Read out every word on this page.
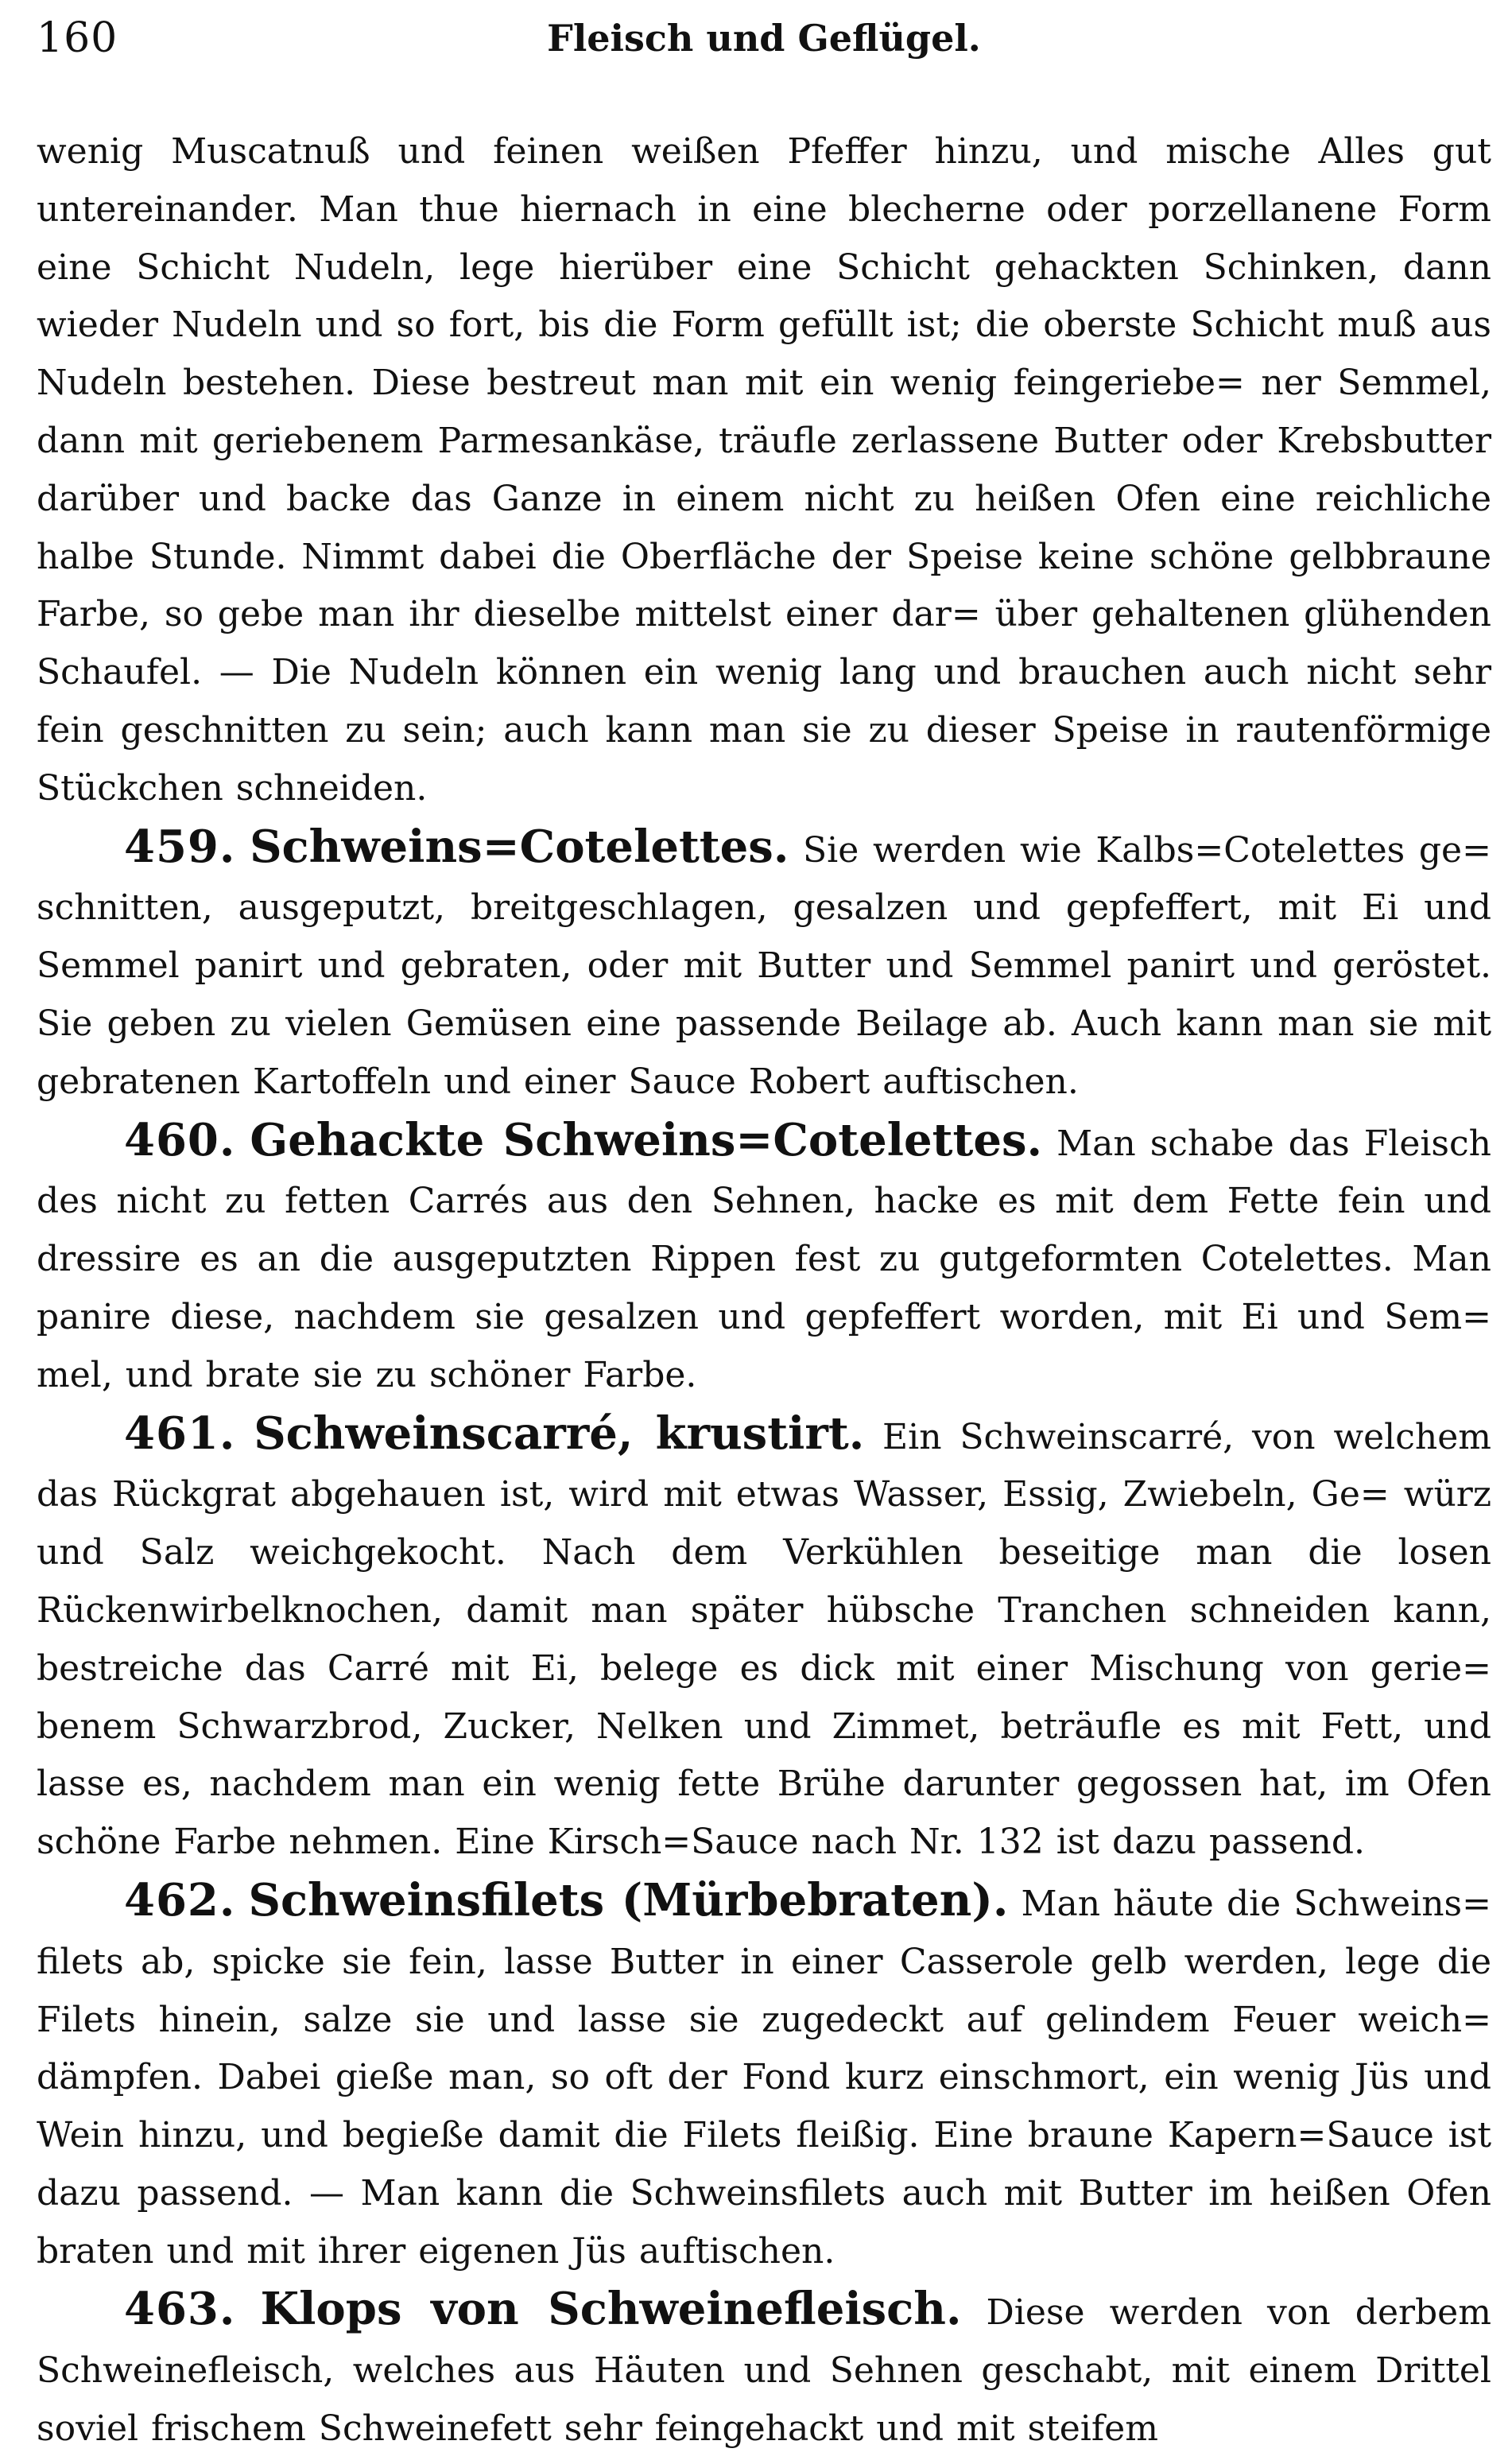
160	Fleisch und Geflügel.

wenig Muscatnuß und feinen weißen Pfeffer hinzu, und mische Alles gut untereinander. Man thue hiernach in eine blecherne oder porzellanene Form eine Schicht Nudeln, lege hierüber eine Schicht gehackten Schinken, dann wieder Nudeln und so fort, bis die Form gefüllt ist; die oberste Schicht muß aus Nudeln bestehen. Diese bestreut man mit ein wenig feingeriebe= ner Semmel, dann mit geriebenem Parmesankäse, träufle zerlassene Butter oder Krebsbutter darüber und backe das Ganze in einem nicht zu heißen Ofen eine reichliche halbe Stunde. Nimmt dabei die Oberfläche der Speise keine schöne gelbbraune Farbe, so gebe man ihr dieselbe mittelst einer dar= über gehaltenen glühenden Schaufel. — Die Nudeln können ein wenig lang und brauchen auch nicht sehr fein geschnitten zu sein; auch kann man sie zu dieser Speise in rautenförmige Stückchen schneiden.

459. Schweins=Cotelettes. Sie werden wie Kalbs=Cotelettes ge= schnitten, ausgeputzt, breitgeschlagen, gesalzen und gepfeffert, mit Ei und Semmel panirt und gebraten, oder mit Butter und Semmel panirt und geröstet. Sie geben zu vielen Gemüsen eine passende Beilage ab. Auch kann man sie mit gebratenen Kartoffeln und einer Sauce Robert auftischen.

460. Gehackte Schweins=Cotelettes. Man schabe das Fleisch des nicht zu fetten Carrés aus den Sehnen, hacke es mit dem Fette fein und dressire es an die ausgeputzten Rippen fest zu gutgeformten Cotelettes. Man panire diese, nachdem sie gesalzen und gepfeffert worden, mit Ei und Sem= mel, und brate sie zu schöner Farbe.

461. Schweinscarré, krustirt. Ein Schweinscarré, von welchem das Rückgrat abgehauen ist, wird mit etwas Wasser, Essig, Zwiebeln, Ge= würz und Salz weichgekocht. Nach dem Verkühlen beseitige man die losen Rückenwirbelknochen, damit man später hübsche Tranchen schneiden kann, bestreiche das Carré mit Ei, belege es dick mit einer Mischung von gerie= benem Schwarzbrod, Zucker, Nelken und Zimmet, beträufle es mit Fett, und lasse es, nachdem man ein wenig fette Brühe darunter gegossen hat, im Ofen schöne Farbe nehmen. Eine Kirsch=Sauce nach Nr. 132 ist dazu passend.

462. Schweinsfilets (Mürbebraten). Man häute die Schweins= filets ab, spicke sie fein, lasse Butter in einer Casserole gelb werden, lege die Filets hinein, salze sie und lasse sie zugedeckt auf gelindem Feuer weich= dämpfen. Dabei gieße man, so oft der Fond kurz einschmort, ein wenig Jüs und Wein hinzu, und begieße damit die Filets fleißig. Eine braune Kapern=Sauce ist dazu passend. — Man kann die Schweinsfilets auch mit Butter im heißen Ofen braten und mit ihrer eigenen Jüs auftischen.

463. Klops von Schweinefleisch. Diese werden von derbem Schweinefleisch, welches aus Häuten und Sehnen geschabt, mit einem Drittel soviel frischem Schweinefett sehr feingehackt und mit steifem
